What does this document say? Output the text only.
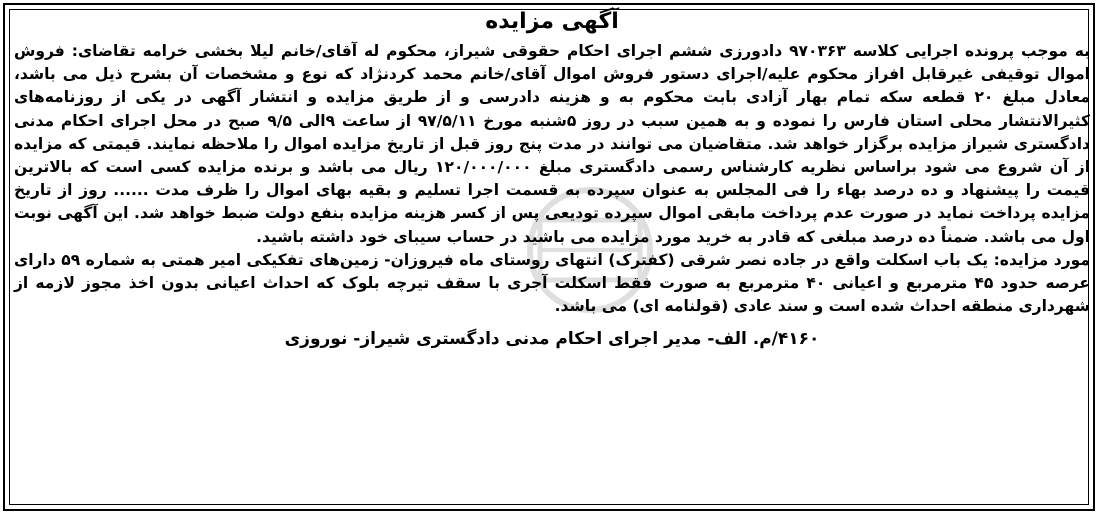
آگهی مزایده

به موجب پرونده اجرایی کلاسه ۹۷۰۳۶۳ دادورزی ششم اجرای احکام حقوقی شیراز، محکوم له آقای/خانم لیلا بخشی خرامه تقاضای: فروش اموال توقیفی غیرقابل افراز محکوم علیه/اجرای دستور فروش اموال آقای/خانم محمد کردنژاد که نوع و مشخصات آن بشرح ذیل می باشد، معادل مبلغ ۲۰ قطعه سکه تمام بهار آزادی بابت محکوم به و هزینه دادرسی و از طریق مزایده و انتشار آگهی در یکی از روزنامه‌های کثیرالانتشار محلی استان فارس را نموده و به همین سبب در روز ۵شنبه مورخ ۹۷/۵/۱۱ از ساعت ۹الی ۹/۵ صبح در محل اجرای احکام مدنی دادگستری شیراز مزایده برگزار خواهد شد. متقاضیان می توانند در مدت پنج روز قبل از تاریخ مزایده اموال را ملاحظه نمایند. قیمتی که مزایده از آن شروع می شود براساس نظریه کارشناس رسمی دادگستری مبلغ ۱۲۰/۰۰۰/۰۰۰ ریال می باشد و برنده مزایده کسی است که بالاترین قیمت را پیشنهاد و ده درصد بهاء را فی المجلس به عنوان سپرده به قسمت اجرا تسلیم و بقیه بهای اموال را ظرف مدت ...... روز از تاریخ مزایده پرداخت نماید در صورت عدم پرداخت مابقی اموال سپرده تودیعی پس از کسر هزینه مزایده بنفع دولت ضبط خواهد شد. این آگهی نوبت اول می باشد. ضمناً ده درصد مبلغی که قادر به خرید مورد مزایده می باشید در حساب سیبای خود داشته باشید.

مورد مزایده: یک باب اسکلت واقع در جاده نصر شرقی (کفترک) انتهای روستای ماه فیروزان- زمین‌های تفکیکی امیر همتی به شماره ۵۹ دارای عرصه حدود ۴۵ مترمربع و اعیانی ۴۰ مترمربع به صورت فقط اسکلت آجری با سقف تیرچه بلوک که احداث اعیانی بدون اخذ مجوز لازمه از شهرداری منطقه احداث شده است و سند عادی (قولنامه ای) می باشد.

۴۱۶۰/م. الف- مدیر اجرای احکام مدنی دادگستری شیراز- نوروزی
